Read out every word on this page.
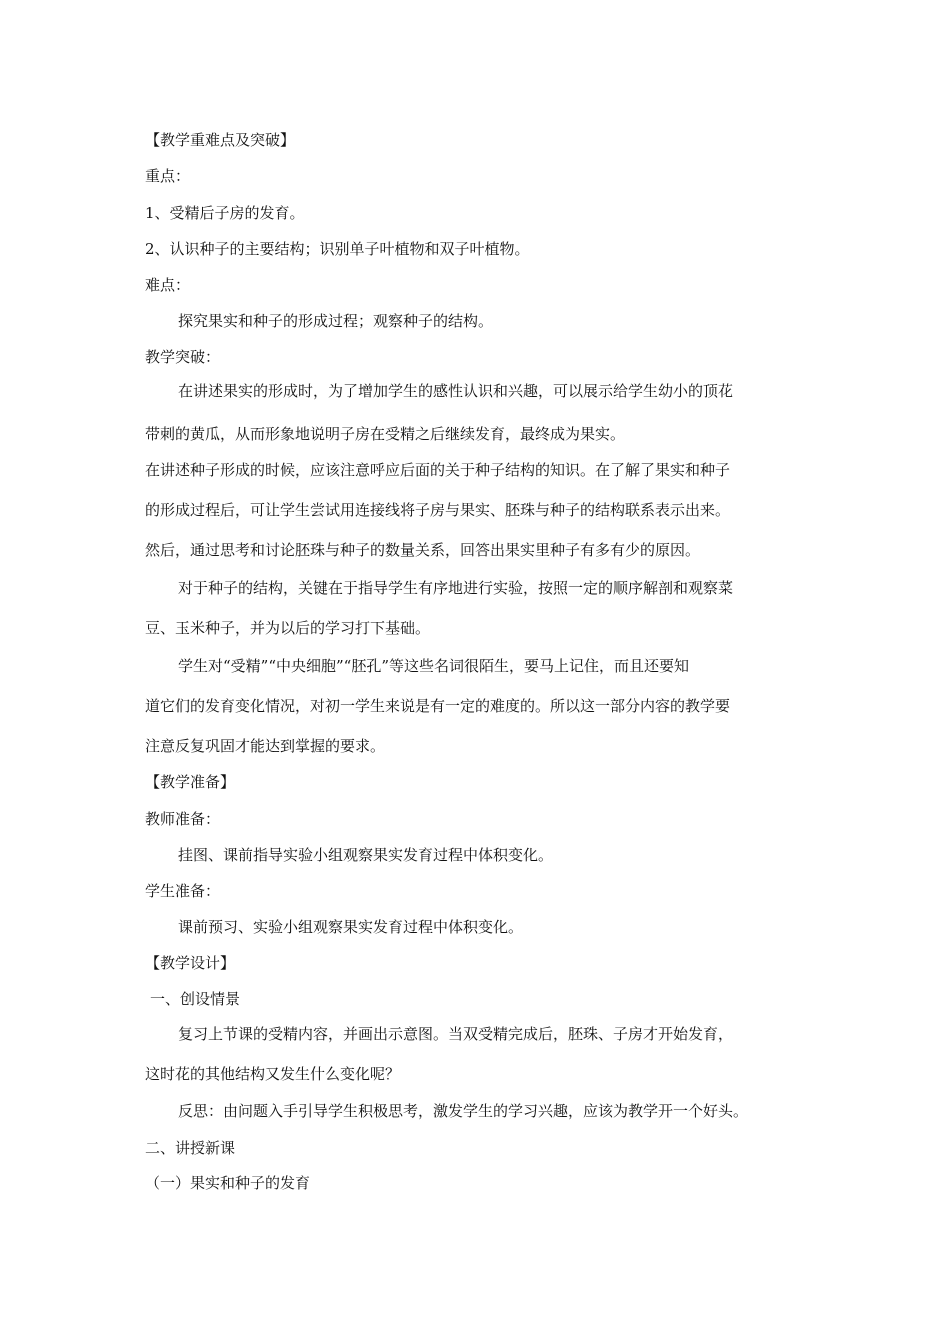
【教学重难点及突破】
重点：
1、受精后子房的发育。
2、认识种子的主要结构；识别单子叶植物和双子叶植物。
难点：
探究果实和种子的形成过程；观察种子的结构。
教学突破：
在讲述果实的形成时，为了增加学生的感性认识和兴趣，可以展示给学生幼小的顶花
带刺的黄瓜，从而形象地说明子房在受精之后继续发育，最终成为果实。
在讲述种子形成的时候，应该注意呼应后面的关于种子结构的知识。在了解了果实和种子
的形成过程后，可让学生尝试用连接线将子房与果实、胚珠与种子的结构联系表示出来。
然后，通过思考和讨论胚珠与种子的数量关系，回答出果实里种子有多有少的原因。
对于种子的结构，关键在于指导学生有序地进行实验，按照一定的顺序解剖和观察菜
豆、玉米种子，并为以后的学习打下基础。
学生对“受精”“中央细胞”“胚孔”等这些名词很陌生，要马上记住，而且还要知
道它们的发育变化情况，对初一学生来说是有一定的难度的。所以这一部分内容的教学要
注意反复巩固才能达到掌握的要求。
【教学准备】
教师准备：
挂图、课前指导实验小组观察果实发育过程中体积变化。
学生准备：
课前预习、实验小组观察果实发育过程中体积变化。
【教学设计】
一、创设情景
复习上节课的受精内容，并画出示意图。当双受精完成后，胚珠、子房才开始发育，
这时花的其他结构又发生什么变化呢？
反思：由问题入手引导学生积极思考，激发学生的学习兴趣，应该为教学开一个好头。
二、讲授新课
（一）果实和种子的发育
